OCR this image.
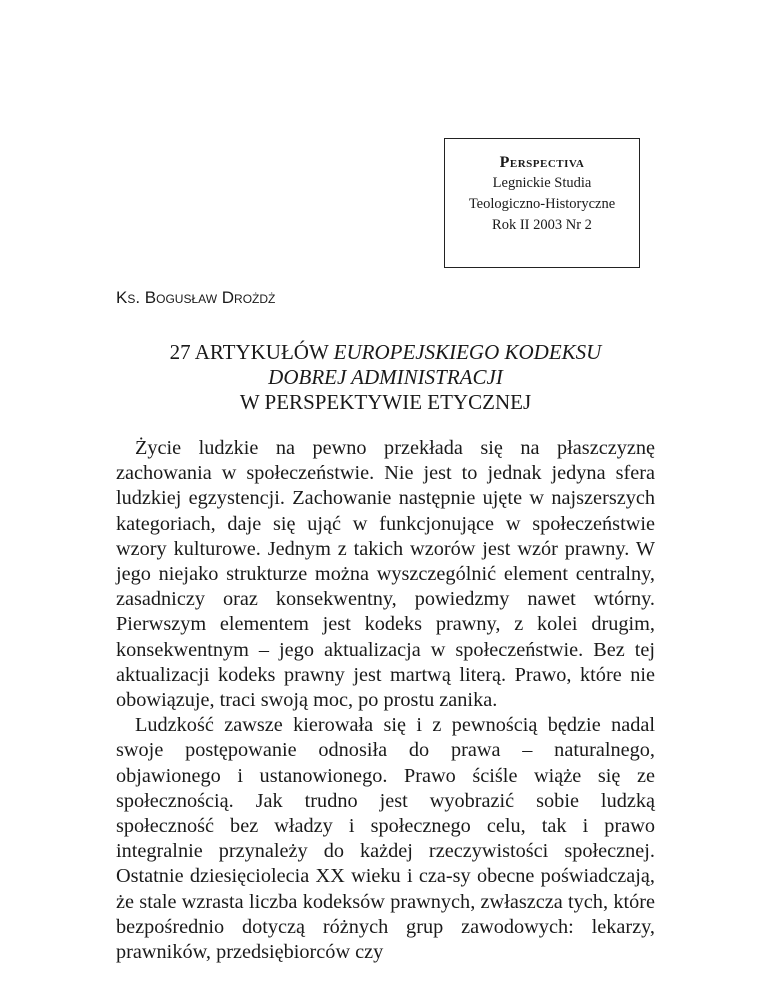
Perspectiva
Legnickie Studia
Teologiczno-Historyczne
Rok II 2003 Nr 2
Ks. Bogusław Drożdż
27 ARTYKUŁÓW EUROPEJSKIEGO KODEKSU
DOBREJ ADMINISTRACJI
W PERSPEKTYWIE ETYCZNEJ

Życie ludzkie na pewno przekłada się na płaszczyznę zachowania w społeczeństwie. Nie jest to jednak jedyna sfera ludzkiej egzystencji. Zachowanie następnie ujęte w najszerszych kategoriach, daje się ująć w funkcjonujące w społeczeństwie wzory kulturowe. Jednym z takich wzorów jest wzór prawny. W jego niejako strukturze można wyszczególnić element centralny, zasadniczy oraz konsekwentny, powiedzmy nawet wtórny. Pierwszym elementem jest kodeks prawny, z kolei drugim, konsekwentnym – jego aktualizacja w społeczeństwie. Bez tej aktualizacji kodeks prawny jest martwą literą. Prawo, które nie obowiązuje, traci swoją moc, po prostu zanika.

Ludzkość zawsze kierowała się i z pewnością będzie nadal swoje postępowanie odnosiła do prawa – naturalnego, objawionego i ustanowionego. Prawo ściśle wiąże się ze społecznością. Jak trudno jest wyobrazić sobie ludzką społeczność bez władzy i społecznego celu, tak i prawo integralnie przynależy do każdej rzeczywistości społecznej. Ostatnie dziesięciolecia XX wieku i cza-sy obecne poświadczają, że stale wzrasta liczba kodeksów prawnych, zwłaszcza tych, które bezpośrednio dotyczą różnych grup zawodowych: lekarzy, prawników, przedsiębiorców czy
